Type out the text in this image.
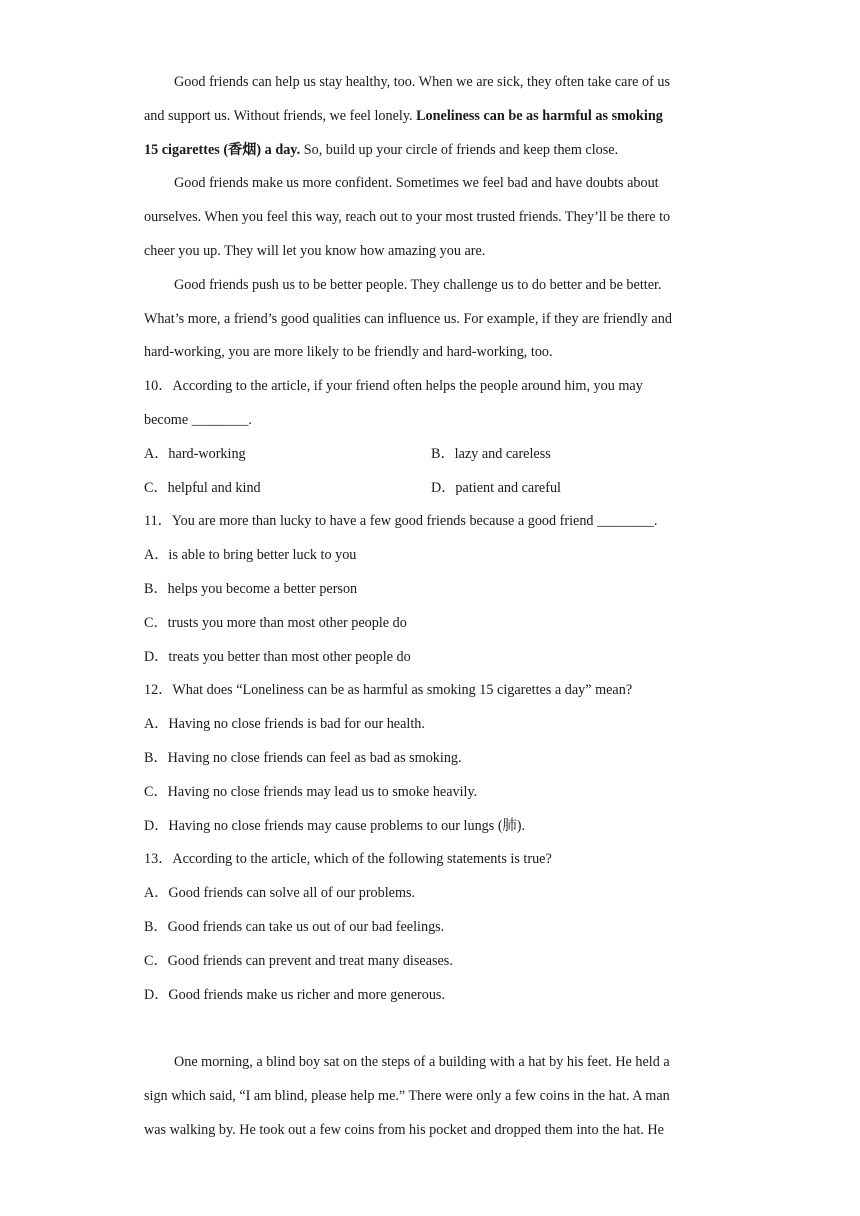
Good friends can help us stay healthy, too. When we are sick, they often take care of us
and support us. Without friends, we feel lonely. Loneliness can be as harmful as smoking
15 cigarettes (香烟) a day. So, build up your circle of friends and keep them close.
Good friends make us more confident. Sometimes we feel bad and have doubts about
ourselves. When you feel this way, reach out to your most trusted friends. They’ll be there to
cheer you up. They will let you know how amazing you are.
Good friends push us to be better people. They challenge us to do better and be better.
What’s more, a friend’s good qualities can influence us. For example, if they are friendly and
hard-working, you are more likely to be friendly and hard-working, too.
10．According to the article, if your friend often helps the people around him, you may
become ________.
A．hard-working	B．lazy and careless
C．helpful and kind	D．patient and careful
11．You are more than lucky to have a few good friends because a good friend ________.
A．is able to bring better luck to you
B．helps you become a better person
C．trusts you more than most other people do
D．treats you better than most other people do
12．What does “Loneliness can be as harmful as smoking 15 cigarettes a day” mean?
A．Having no close friends is bad for our health.
B．Having no close friends can feel as bad as smoking.
C．Having no close friends may lead us to smoke heavily.
D．Having no close friends may cause problems to our lungs (肺).
13．According to the article, which of the following statements is true?
A．Good friends can solve all of our problems.
B．Good friends can take us out of our bad feelings.
C．Good friends can prevent and treat many diseases.
D．Good friends make us richer and more generous.
One morning, a blind boy sat on the steps of a building with a hat by his feet. He held a
sign which said, “I am blind, please help me.” There were only a few coins in the hat. A man
was walking by. He took out a few coins from his pocket and dropped them into the hat. He
